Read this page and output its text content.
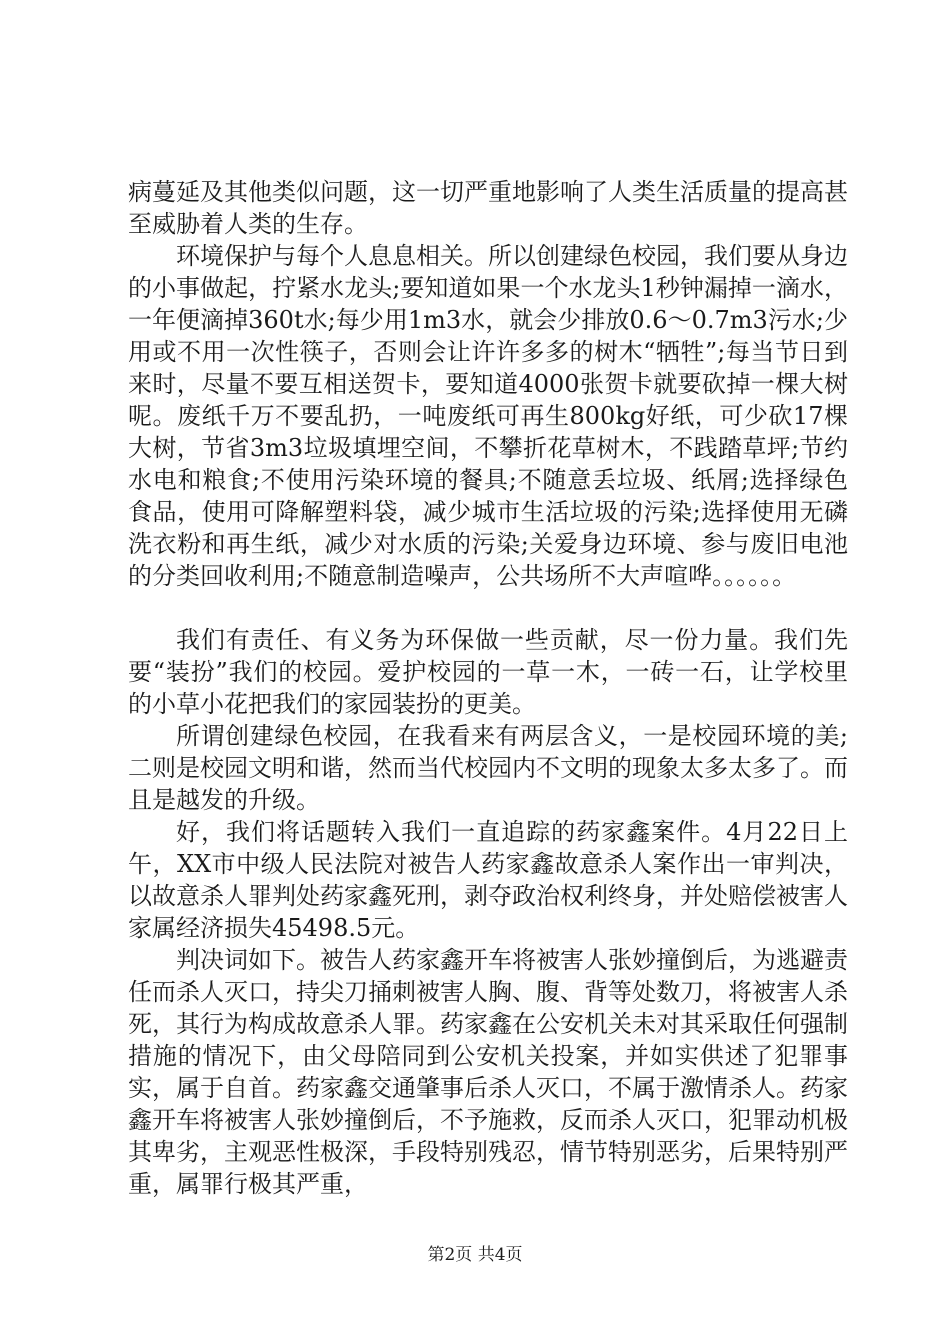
病蔓延及其他类似问题，这一切严重地影响了人类生活质量的提高甚至威胁着人类的生存。

环境保护与每个人息息相关。所以创建绿色校园，我们要从身边的小事做起，拧紧水龙头;要知道如果一个水龙头1秒钟漏掉一滴水，一年便滴掉360t水;每少用1m3水，就会少排放0.6～0.7m3污水;少用或不用一次性筷子，否则会让许许多多的树木“牺牲”;每当节日到来时，尽量不要互相送贺卡，要知道4000张贺卡就要砍掉一棵大树呢。废纸千万不要乱扔，一吨废纸可再生800kg好纸，可少砍17棵大树，节省3m3垃圾填埋空间，不攀折花草树木，不践踏草坪;节约水电和粮食;不使用污染环境的餐具;不随意丢垃圾、纸屑;选择绿色食品，使用可降解塑料袋，减少城市生活垃圾的污染;选择使用无磷洗衣粉和再生纸，减少对水质的污染;关爱身边环境、参与废旧电池的分类回收利用;不随意制造噪声，公共场所不大声喧哗。。。。。。

我们有责任、有义务为环保做一些贡献，尽一份力量。我们先要“装扮”我们的校园。爱护校园的一草一木，一砖一石，让学校里的小草小花把我们的家园装扮的更美。

所谓创建绿色校园，在我看来有两层含义，一是校园环境的美;二则是校园文明和谐，然而当代校园内不文明的现象太多太多了。而且是越发的升级。

好，我们将话题转入我们一直追踪的药家鑫案件。4月22日上午，XX市中级人民法院对被告人药家鑫故意杀人案作出一审判决，以故意杀人罪判处药家鑫死刑，剥夺政治权利终身，并处赔偿被害人家属经济损失45498.5元。

判决词如下。被告人药家鑫开车将被害人张妙撞倒后，为逃避责任而杀人灭口，持尖刀捅刺被害人胸、腹、背等处数刀，将被害人杀死，其行为构成故意杀人罪。药家鑫在公安机关未对其采取任何强制措施的情况下，由父母陪同到公安机关投案，并如实供述了犯罪事实，属于自首。药家鑫交通肇事后杀人灭口，不属于激情杀人。药家鑫开车将被害人张妙撞倒后，不予施救，反而杀人灭口，犯罪动机极其卑劣，主观恶性极深，手段特别残忍，情节特别恶劣，后果特别严重，属罪行极其严重，

第2页 共4页
